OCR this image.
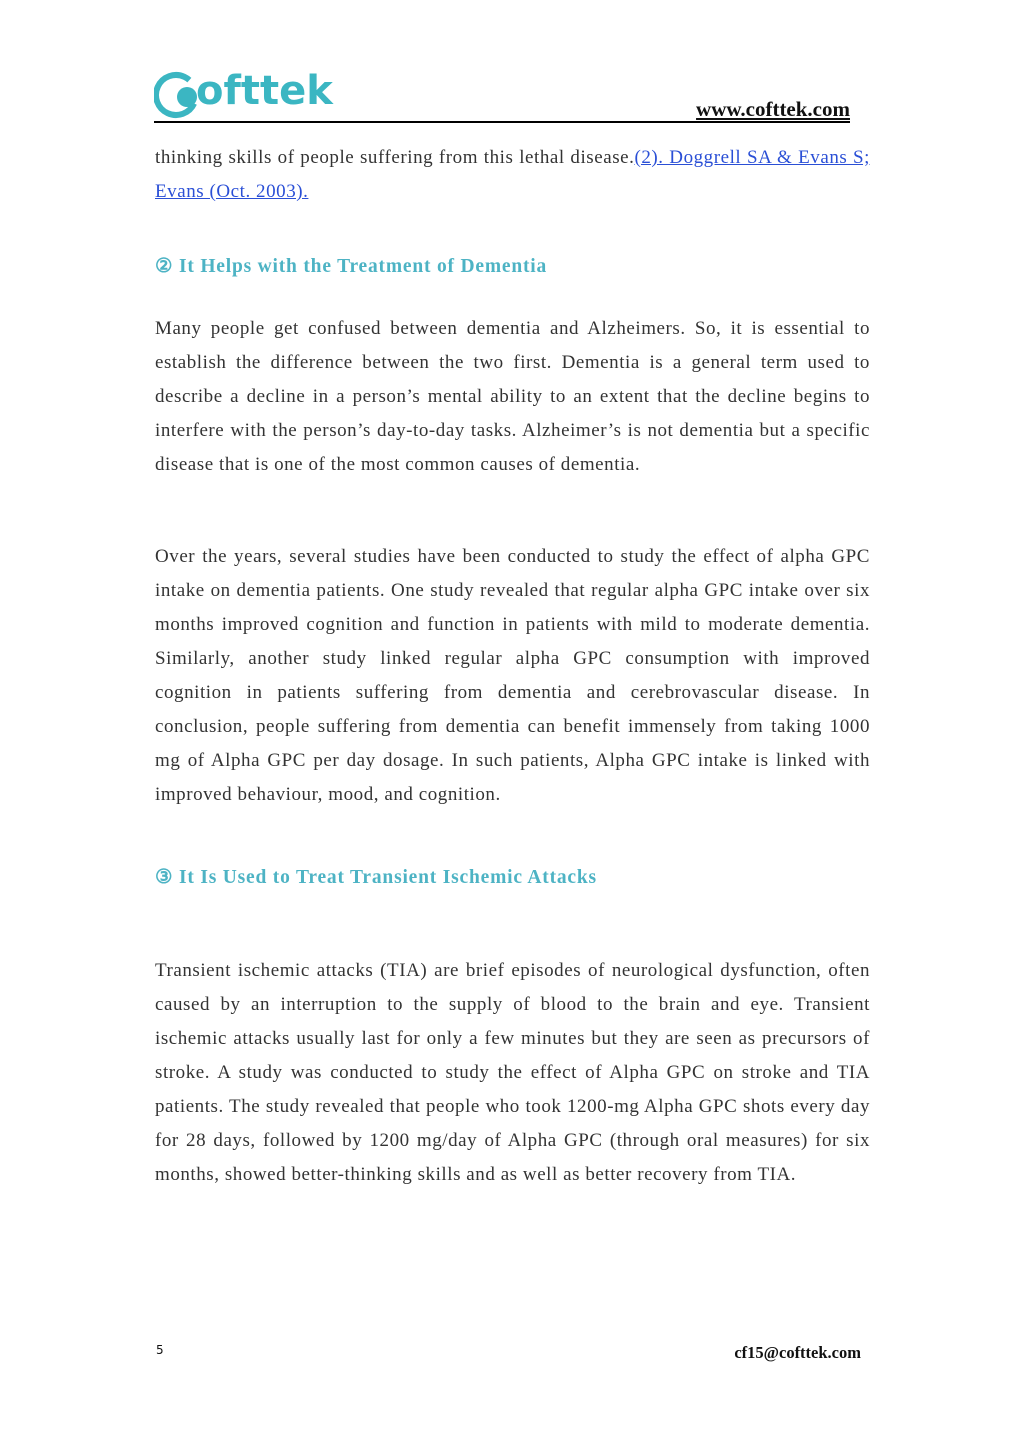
ofttek	www.cofttek.com

thinking skills of people suffering from this lethal disease.(2). Doggrell SA & Evans S; Evans (Oct. 2003).

② It Helps with the Treatment of Dementia

Many people get confused between dementia and Alzheimers. So, it is essential to establish the difference between the two first. Dementia is a general term used to describe a decline in a person’s mental ability to an extent that the decline begins to interfere with the person’s day-to-day tasks. Alzheimer’s is not dementia but a specific disease that is one of the most common causes of dementia.

Over the years, several studies have been conducted to study the effect of alpha GPC intake on dementia patients. One study revealed that regular alpha GPC intake over six months improved cognition and function in patients with mild to moderate dementia. Similarly, another study linked regular alpha GPC consumption with improved cognition in patients suffering from dementia and cerebrovascular disease. In conclusion, people suffering from dementia can benefit immensely from taking 1000 mg of Alpha GPC per day dosage. In such patients, Alpha GPC intake is linked with improved behaviour, mood, and cognition.

③ It Is Used to Treat Transient Ischemic Attacks

Transient ischemic attacks (TIA) are brief episodes of neurological dysfunction, often caused by an interruption to the supply of blood to the brain and eye. Transient ischemic attacks usually last for only a few minutes but they are seen as precursors of stroke. A study was conducted to study the effect of Alpha GPC on stroke and TIA patients. The study revealed that people who took 1200-mg Alpha GPC shots every day for 28 days, followed by 1200 mg/day of Alpha GPC (through oral measures) for six months, showed better-thinking skills and as well as better recovery from TIA.

5	cf15@cofttek.com
